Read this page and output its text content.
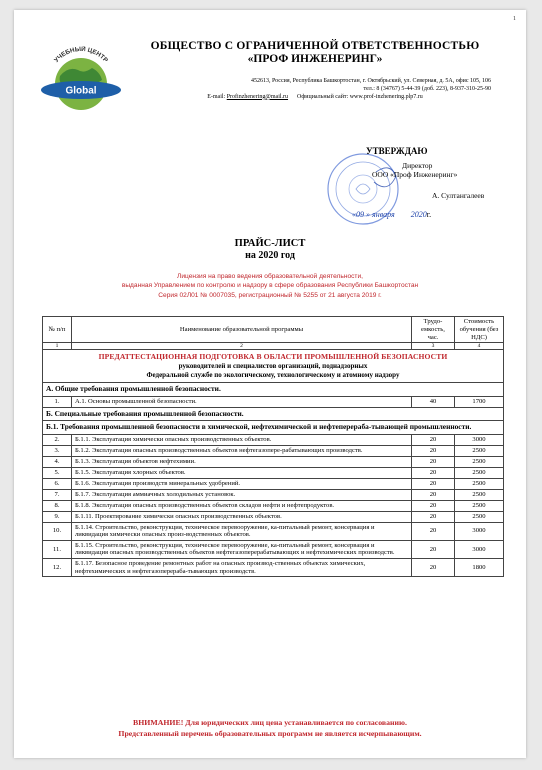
1
Global
УЧЕБНЫЙ ЦЕНТР
ОБЩЕСТВО С ОГРАНИЧЕННОЙ ОТВЕТСТВЕННОСТЬЮ
«ПРОФ ИНЖЕНЕРИНГ»
452613, Россия, Республика Башкортостан, г. Октябрьский, ул. Северная, д. 5А, офис 105, 106
тел.: 8 (34767) 5-44-39 (доб. 223), 8-937-310-25-90
E-mail: Profinzhenering@mail.ru Официальный сайт: www.prof-inzhenering.plp7.ru
УТВЕРЖДАЮ
Директор
ООО «Проф Инженеринг»
А. Султангалеев
«09 » января 2020г.
ПРАЙС-ЛИСТ
на 2020 год
Лицензия на право ведения образовательной деятельности,
выданная Управлением по контролю и надзору в сфере образования Республики Башкортостан
Серия 02Л01 № 0007035, регистрационный № 5255 от 21 августа 2019 г.
№ п/п	Наименование образовательной программы	Трудо-емкость, час.	Стоимость обучения (без НДС)
1	2	3	4

ПРЕДАТТЕСТАЦИОННАЯ ПОДГОТОВКА В ОБЛАСТИ ПРОМЫШЛЕННОЙ БЕЗОПАСНОСТИ
руководителей и специалистов организаций, поднадзорных
Федеральной службе по экологическому, технологическому и атомному надзору			

А. Общие требования промышленной безопасности.			
1.	А.1. Основы промышленной безопасности.	40	1700
Б. Специальные требования промышленной безопасности.			
Б.1. Требования промышленной безопасности в химической, нефтехимической и нефтеперераба-тывающей промышленности.			
2.	Б.1.1. Эксплуатация химически опасных производственных объектов.	20	3000
3.	Б.1.2. Эксплуатация опасных производственных объектов нефтегазопере-рабатывающих производств.	20	2500
4.	Б.1.3. Эксплуатация объектов нефтехимии.	20	2500
5.	Б.1.5. Эксплуатация хлорных объектов.	20	2500
6.	Б.1.6. Эксплуатация производств минеральных удобрений.	20	2500
7.	Б.1.7. Эксплуатация аммиачных холодильных установок.	20	2500
8.	Б.1.8. Эксплуатация опасных производственных объектов складов нефти и нефтепродуктов.	20	2500
9.	Б.1.11. Проектирование химически опасных производственных объектов.	20	2500
10.	Б.1.14. Строительство, реконструкция, техническое перевооружение, ка-питальный ремонт, консервация и ликвидация химически опасных произ-водственных объектов.	20	3000
11.	Б.1.15. Строительство, реконструкция, техническое перевооружение, ка-питальный ремонт, консервация и ликвидация опасных производственных объектов нефтегазоперерабатывающих и нефтехимических производств.	20	3000
12.	Б.1.17. Безопасное проведение ремонтных работ на опасных производ-ственных объектах химических, нефтехимических и нефтегазоперераба-тывающих производств.	20	1800
ВНИМАНИЕ! Для юридических лиц цена устанавливается по согласованию.
Представленный перечень образовательных программ не является исчерпывающим.
